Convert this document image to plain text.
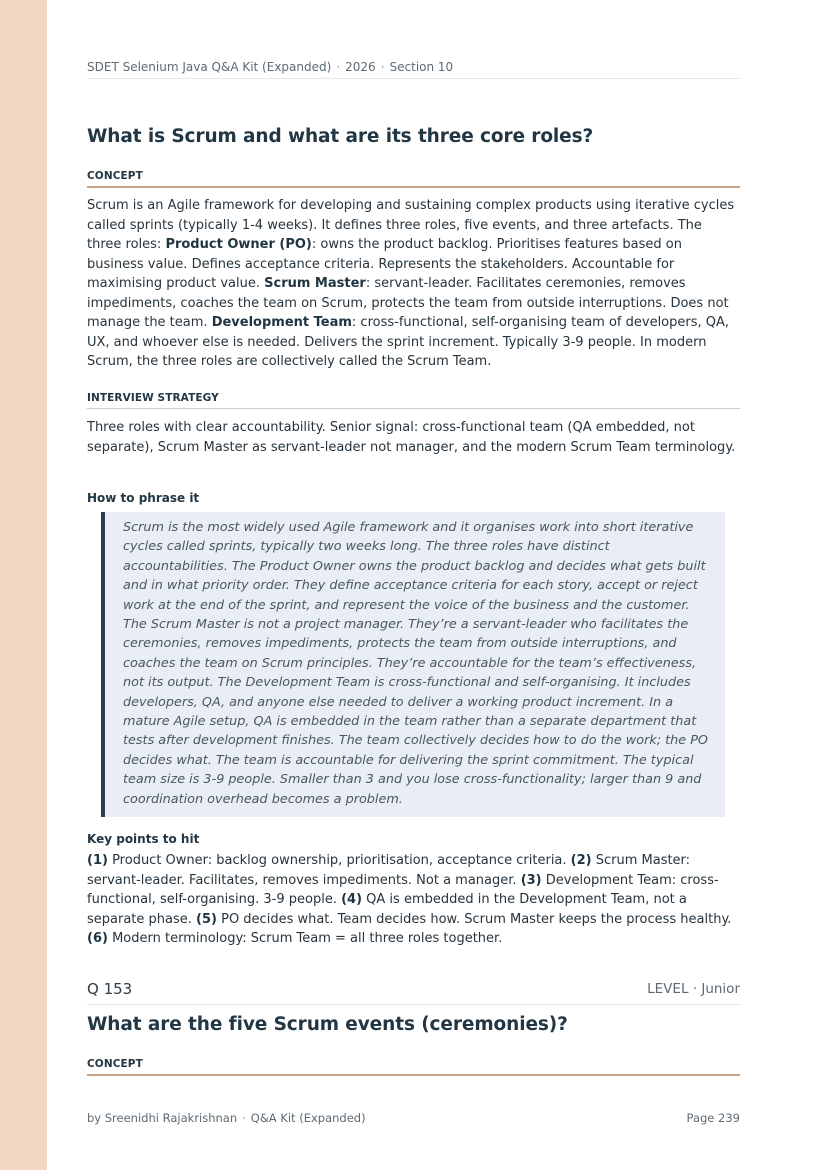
SDET Selenium Java Q&A Kit (Expanded) · 2026 · Section 10
What is Scrum and what are its three core roles?
CONCEPT

Scrum is an Agile framework for developing and sustaining complex products using iterative cycles called sprints (typically 1-4 weeks). It defines three roles, five events, and three artefacts. The three roles: Product Owner (PO): owns the product backlog. Prioritises features based on business value. Defines acceptance criteria. Represents the stakeholders. Accountable for maximising product value. Scrum Master: servant-leader. Facilitates ceremonies, removes impediments, coaches the team on Scrum, protects the team from outside interruptions. Does not manage the team. Development Team: cross-functional, self-organising team of developers, QA, UX, and whoever else is needed. Delivers the sprint increment. Typically 3-9 people. In modern Scrum, the three roles are collectively called the Scrum Team.

INTERVIEW STRATEGY

Three roles with clear accountability. Senior signal: cross-functional team (QA embedded, not separate), Scrum Master as servant-leader not manager, and the modern Scrum Team terminology.

How to phrase it
Scrum is the most widely used Agile framework and it organises work into short iterative cycles called sprints, typically two weeks long. The three roles have distinct accountabilities. The Product Owner owns the product backlog and decides what gets built and in what priority order. They define acceptance criteria for each story, accept or reject work at the end of the sprint, and represent the voice of the business and the customer. The Scrum Master is not a project manager. They’re a servant-leader who facilitates the ceremonies, removes impediments, protects the team from outside interruptions, and coaches the team on Scrum principles. They’re accountable for the team’s effectiveness, not its output. The Development Team is cross-functional and self-organising. It includes developers, QA, and anyone else needed to deliver a working product increment. In a mature Agile setup, QA is embedded in the team rather than a separate department that tests after development finishes. The team collectively decides how to do the work; the PO decides what. The team is accountable for delivering the sprint commitment. The typical team size is 3-9 people. Smaller than 3 and you lose cross-functionality; larger than 9 and coordination overhead becomes a problem.
Key points to hit

(1) Product Owner: backlog ownership, prioritisation, acceptance criteria. (2) Scrum Master: servant-leader. Facilitates, removes impediments. Not a manager. (3) Development Team: cross-functional, self-organising. 3-9 people. (4) QA is embedded in the Development Team, not a separate phase. (5) PO decides what. Team decides how. Scrum Master keeps the process healthy. (6) Modern terminology: Scrum Team = all three roles together.

Q 153	LEVEL · Junior
What are the five Scrum events (ceremonies)?
CONCEPT
by Sreenidhi Rajakrishnan · Q&A Kit (Expanded)	Page 239
